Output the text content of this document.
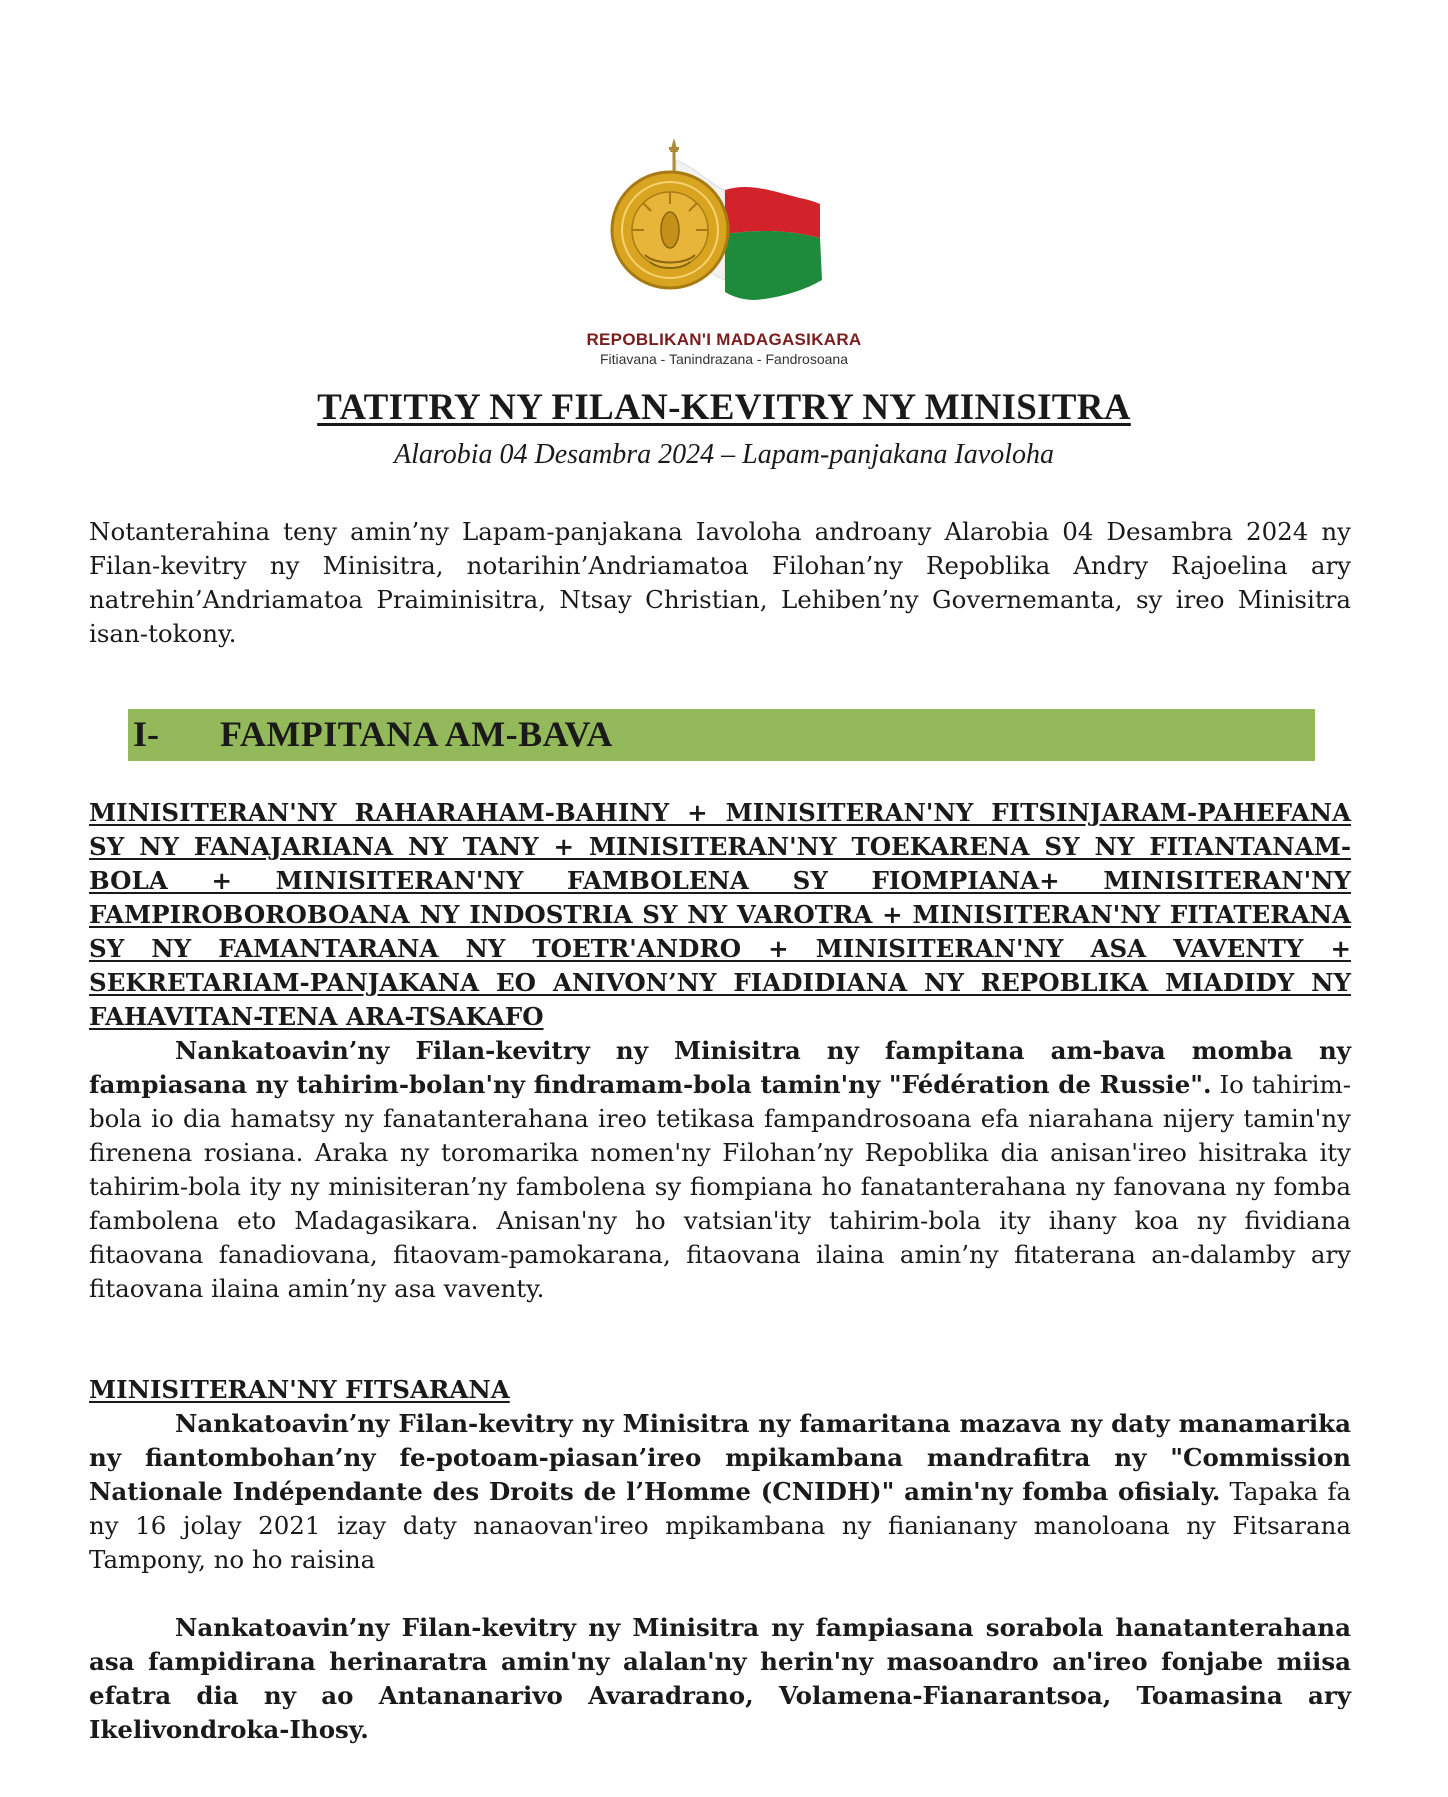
REPOBLIKAN'I MADAGASIKARA
Fitiavana - Tanindrazana - Fandrosoana
TATITRY NY FILAN-KEVITRY NY MINISITRA
Alarobia 04 Desambra 2024 – Lapam-panjakana Iavoloha
Notanterahina teny amin’ny Lapam-panjakana Iavoloha androany Alarobia 04 Desambra 2024 ny Filan-kevitry ny Minisitra, notarihin’Andriamatoa Filohan’ny Repoblika Andry Rajoelina ary natrehin’Andriamatoa Praiminisitra, Ntsay Christian, Lehiben’ny Governemanta, sy ireo Minisitra isan-tokony.
I- FAMPITANA AM-BAVA
MINISITERAN'NY RAHARAHAM-BAHINY + MINISITERAN'NY FITSINJARAM-PAHEFANA SY NY FANAJARIANA NY TANY + MINISITERAN'NY TOEKARENA SY NY FITANTANAM-BOLA + MINISITERAN'NY FAMBOLENA SY FIOMPIANA+ MINISITERAN'NY FAMPIROBOROBOANA NY INDOSTRIA SY NY VAROTRA + MINISITERAN'NY FITATERANA SY NY FAMANTARANA NY TOETR'ANDRO + MINISITERAN'NY ASA VAVENTY + SEKRETARIAM-PANJAKANA EO ANIVON’NY FIADIDIANA NY REPOBLIKA MIADIDY NY FAHAVITAN-TENA ARA-TSAKAFO
Nankatoavin’ny Filan-kevitry ny Minisitra ny fampitana am-bava momba ny fampiasana ny tahirim-bolan'ny findramam-bola tamin'ny "Fédération de Russie". Io tahirim-bola io dia hamatsy ny fanatanterahana ireo tetikasa fampandrosoana efa niarahana nijery tamin'ny firenena rosiana. Araka ny toromarika nomen'ny Filohan’ny Repoblika dia anisan'ireo hisitraka ity tahirim-bola ity ny minisiteran’ny fambolena sy fiompiana ho fanatanterahana ny fanovana ny fomba fambolena eto Madagasikara. Anisan'ny ho vatsian'ity tahirim-bola ity ihany koa ny fividiana fitaovana fanadiovana, fitaovam-pamokarana, fitaovana ilaina amin’ny fitaterana an-dalamby ary fitaovana ilaina amin’ny asa vaventy.
MINISITERAN'NY FITSARANA
Nankatoavin’ny Filan-kevitry ny Minisitra ny famaritana mazava ny daty manamarika ny fiantombohan’ny fe-potoam-piasan’ireo mpikambana mandrafitra ny "Commission Nationale Indépendante des Droits de l’Homme (CNIDH)" amin'ny fomba ofisialy. Tapaka fa ny 16 jolay 2021 izay daty nanaovan'ireo mpikambana ny fianianany manoloana ny Fitsarana Tampony, no ho raisina
Nankatoavin’ny Filan-kevitry ny Minisitra ny fampiasana sorabola hanatanterahana asa fampidirana herinaratra amin'ny alalan'ny herin'ny masoandro an'ireo fonjabe miisa efatra dia ny ao Antananarivo Avaradrano, Volamena-Fianarantsoa, Toamasina ary Ikelivondroka-Ihosy.
